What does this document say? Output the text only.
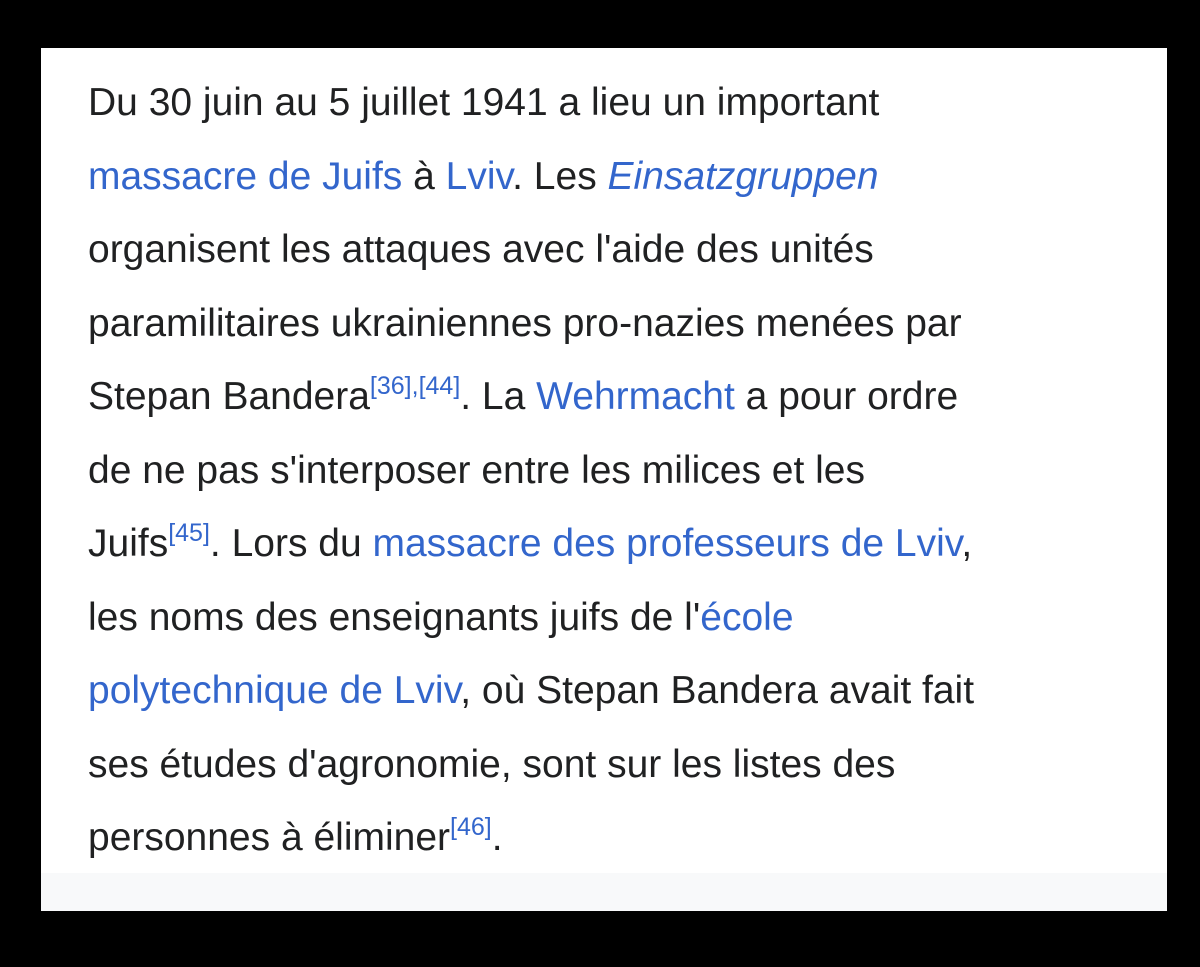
Du 30 juin au 5 juillet 1941 a lieu un important
massacre de Juifs à Lviv. Les Einsatzgruppen
organisent les attaques avec l'aide des unités
paramilitaires ukrainiennes pro-nazies menées par
Stepan Bandera[36],[44]. La Wehrmacht a pour ordre
de ne pas s'interposer entre les milices et les
Juifs[45]. Lors du massacre des professeurs de Lviv,
les noms des enseignants juifs de l'école
polytechnique de Lviv, où Stepan Bandera avait fait
ses études d'agronomie, sont sur les listes des
personnes à éliminer[46].
